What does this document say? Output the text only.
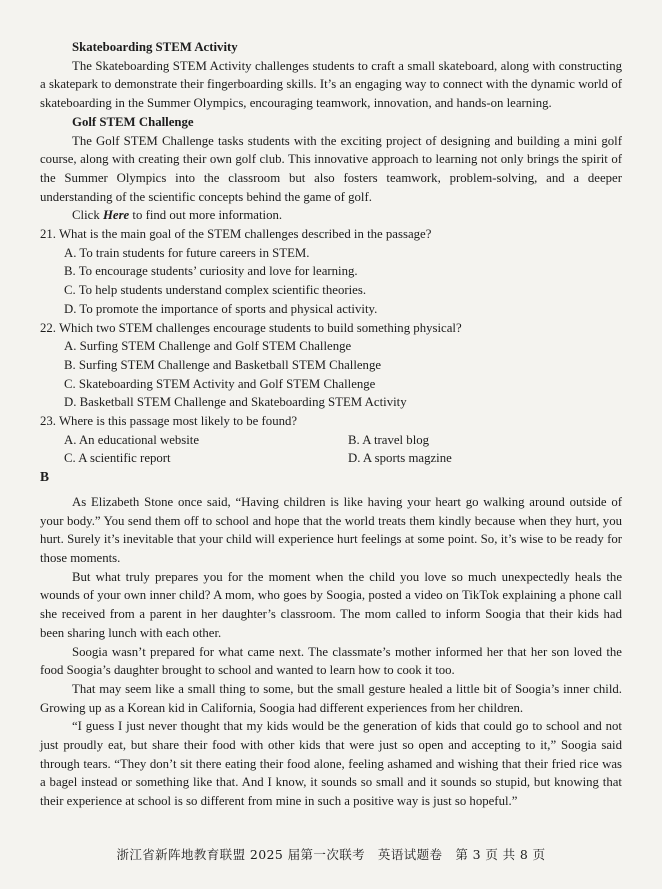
Skateboarding STEM Activity

The Skateboarding STEM Activity challenges students to craft a small skateboard, along with constructing a skatepark to demonstrate their fingerboarding skills. It’s an engaging way to connect with the dynamic world of skateboarding in the Summer Olympics, encouraging teamwork, innovation, and hands-on learning.

Golf STEM Challenge

The Golf STEM Challenge tasks students with the exciting project of designing and building a mini golf course, along with creating their own golf club. This innovative approach to learning not only brings the spirit of the Summer Olympics into the classroom but also fosters teamwork, problem-solving, and a deeper understanding of the scientific concepts behind the game of golf.

Click Here to find out more information.

21. What is the main goal of the STEM challenges described in the passage?

A. To train students for future careers in STEM.

B. To encourage students’ curiosity and love for learning.

C. To help students understand complex scientific theories.

D. To promote the importance of sports and physical activity.

22. Which two STEM challenges encourage students to build something physical?

A. Surfing STEM Challenge and Golf STEM Challenge

B. Surfing STEM Challenge and Basketball STEM Challenge

C. Skateboarding STEM Activity and Golf STEM Challenge

D. Basketball STEM Challenge and Skateboarding STEM Activity

23. Where is this passage most likely to be found?

A. An educational website	B. A travel blog
C. A scientific report	D. A sports magzine

B

As Elizabeth Stone once said, “Having children is like having your heart go walking around outside of your body.” You send them off to school and hope that the world treats them kindly because when they hurt, you hurt. Surely it’s inevitable that your child will experience hurt feelings at some point. So, it’s wise to be ready for those moments.

But what truly prepares you for the moment when the child you love so much unexpectedly heals the wounds of your own inner child? A mom, who goes by Soogia, posted a video on TikTok explaining a phone call she received from a parent in her daughter’s classroom. The mom called to inform Soogia that their kids had been sharing lunch with each other.

Soogia wasn’t prepared for what came next. The classmate’s mother informed her that her son loved the food Soogia’s daughter brought to school and wanted to learn how to cook it too.

That may seem like a small thing to some, but the small gesture healed a little bit of Soogia’s inner child. Growing up as a Korean kid in California, Soogia had different experiences from her children.

“I guess I just never thought that my kids would be the generation of kids that could go to school and not just proudly eat, but share their food with other kids that were just so open and accepting to it,” Soogia said through tears. “They don’t sit there eating their food alone, feeling ashamed and wishing that their fried rice was a bagel instead or something like that. And I know, it sounds so small and it sounds so stupid, but knowing that their experience at school is so different from mine in such a positive way is just so hopeful.”

浙江省新阵地教育联盟 2025 届第一次联考　英语试题卷　第 3 页 共 8 页
